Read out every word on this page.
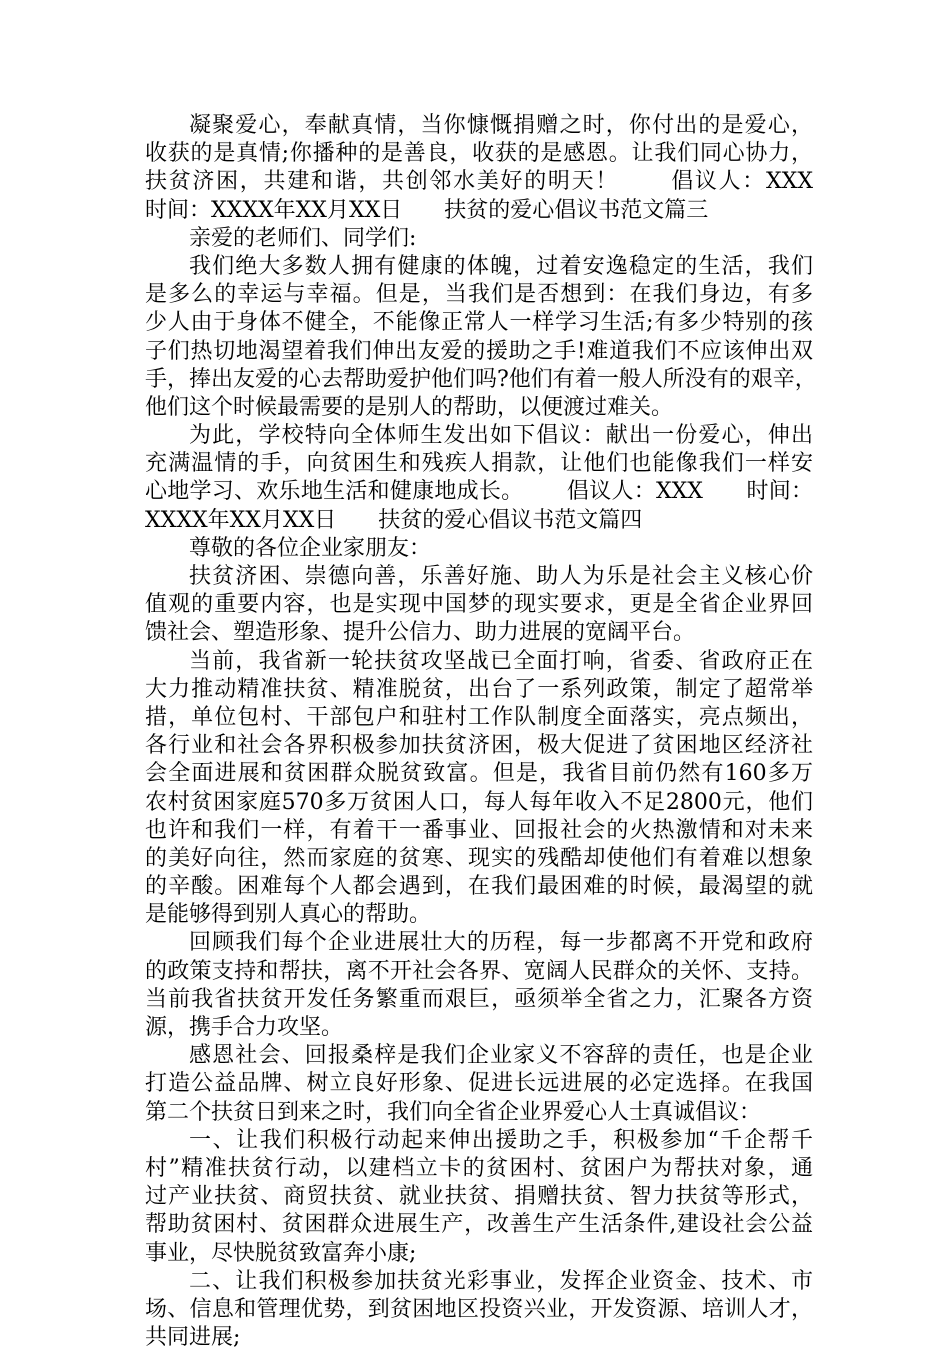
凝聚爱心，奉献真情，当你慷慨捐赠之时，你付出的是爱心，
收获的是真情;你播种的是善良，收获的是感恩。让我们同心协力，
扶贫济困，共建和谐，共创邻水美好的明天！      倡议人：XXX
时间：XXXX年XX月XX日      扶贫的爱心倡议书范文篇三
亲爱的老师们、同学们:
我们绝大多数人拥有健康的体魄，过着安逸稳定的生活，我们
是多么的幸运与幸福。但是，当我们是否想到：在我们身边，有多
少人由于身体不健全，不能像正常人一样学习生活;有多少特别的孩
子们热切地渴望着我们伸出友爱的援助之手!难道我们不应该伸出双
手，捧出友爱的心去帮助爱护他们吗?他们有着一般人所没有的艰辛，
他们这个时候最需要的是别人的帮助，以便渡过难关。
为此，学校特向全体师生发出如下倡议：献出一份爱心，伸出
充满温情的手，向贫困生和残疾人捐款，让他们也能像我们一样安
心地学习、欢乐地生活和健康地成长。      倡议人：XXX      时间：
XXXX年XX月XX日      扶贫的爱心倡议书范文篇四
尊敬的各位企业家朋友：
扶贫济困、崇德向善，乐善好施、助人为乐是社会主义核心价
值观的重要内容，也是实现中国梦的现实要求，更是全省企业界回
馈社会、塑造形象、提升公信力、助力进展的宽阔平台。
当前，我省新一轮扶贫攻坚战已全面打响，省委、省政府正在
大力推动精准扶贫、精准脱贫，出台了一系列政策，制定了超常举
措，单位包村、干部包户和驻村工作队制度全面落实，亮点频出，
各行业和社会各界积极参加扶贫济困，极大促进了贫困地区经济社
会全面进展和贫困群众脱贫致富。但是，我省目前仍然有160多万
农村贫困家庭570多万贫困人口，每人每年收入不足2800元，他们
也许和我们一样，有着干一番事业、回报社会的火热激情和对未来
的美好向往，然而家庭的贫寒、现实的残酷却使他们有着难以想象
的辛酸。困难每个人都会遇到，在我们最困难的时候，最渴望的就
是能够得到别人真心的帮助。
回顾我们每个企业进展壮大的历程，每一步都离不开党和政府
的政策支持和帮扶，离不开社会各界、宽阔人民群众的关怀、支持。
当前我省扶贫开发任务繁重而艰巨，亟须举全省之力，汇聚各方资
源，携手合力攻坚。
感恩社会、回报桑梓是我们企业家义不容辞的责任，也是企业
打造公益品牌、树立良好形象、促进长远进展的必定选择。在我国
第二个扶贫日到来之时，我们向全省企业界爱心人士真诚倡议：
一、让我们积极行动起来伸出援助之手，积极参加“千企帮千
村”精准扶贫行动，以建档立卡的贫困村、贫困户为帮扶对象，通
过产业扶贫、商贸扶贫、就业扶贫、捐赠扶贫、智力扶贫等形式，
帮助贫困村、贫困群众进展生产，改善生产生活条件,建设社会公益
事业，尽快脱贫致富奔小康;
二、让我们积极参加扶贫光彩事业，发挥企业资金、技术、市
场、信息和管理优势，到贫困地区投资兴业，开发资源、培训人才，
共同进展;
